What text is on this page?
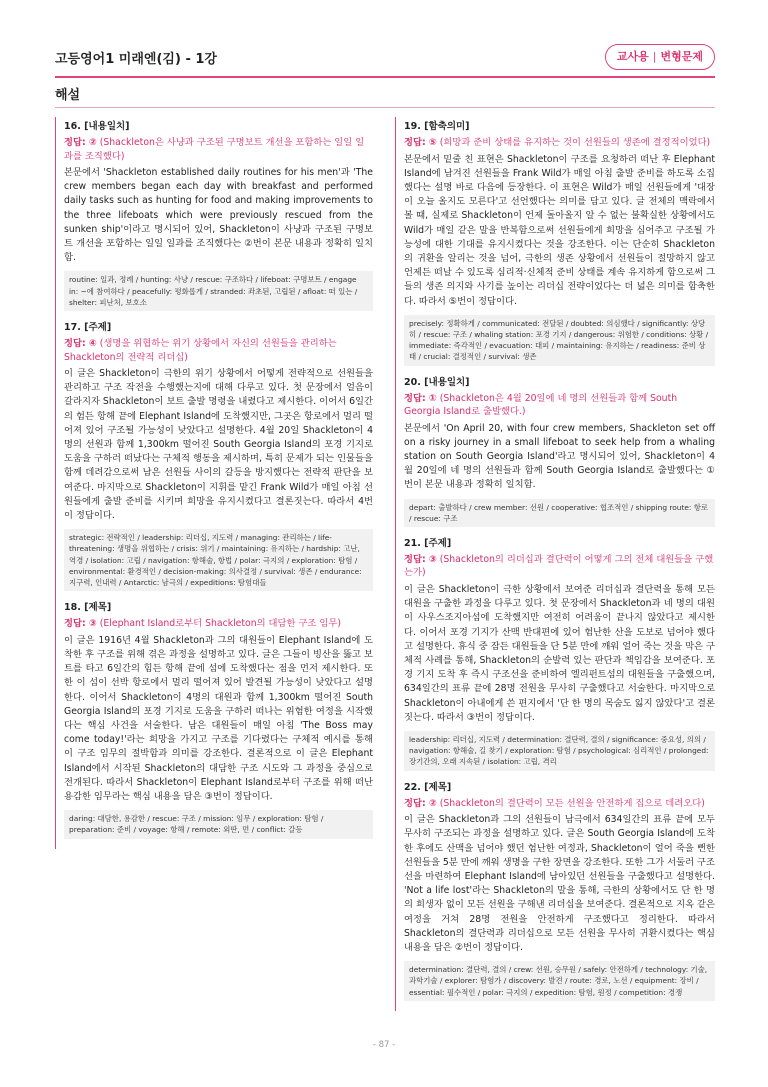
고등영어1 미래엔(김) - 1강	교사용 | 변형문제
해설
16. [내용일치]
정답: ② (Shackleton은 사냥과 구조된 구명보트 개선을 포함하는 일일 일과를 조직했다)
본문에서 'Shackleton established daily routines for his men'과 'The crew members began each day with breakfast and performed daily tasks such as hunting for food and making improvements to the three lifeboats which were previously rescued from the sunken ship'이라고 명시되어 있어, Shackleton이 사냥과 구조된 구명보트 개선을 포함하는 일일 일과를 조직했다는 ②번이 본문 내용과 정확히 일치함.
routine: 일과, 정례 / hunting: 사냥 / rescue: 구조하다 / lifeboat: 구명보트 / engage in: ~에 참여하다 / peacefully: 평화롭게 / stranded: 좌초된, 고립된 / afloat: 떠 있는 / shelter: 피난처, 보호소
17. [주제]
정답: ④ (생명을 위협하는 위기 상황에서 자신의 선원들을 관리하는 Shackleton의 전략적 리더십)
이 글은 Shackleton이 극한의 위기 상황에서 어떻게 전략적으로 선원들을 관리하고 구조 작전을 수행했는지에 대해 다루고 있다. 첫 문장에서 얼음이 갈라지자 Shackleton이 보트 출발 명령을 내렸다고 제시한다. 이어서 6일간의 험든 항해 끝에 Elephant Island에 도착했지만, 그곳은 항로에서 멀리 떨어져 있어 구조될 가능성이 낮았다고 설명한다. 4월 20일 Shackleton이 4명의 선원과 함께 1,300km 떨어진 South Georgia Island의 포경 기지로 도움을 구하러 떠났다는 구체적 행동을 제시하며, 특히 문제가 되는 인물들을 함께 데려감으로써 남은 선원들 사이의 갈등을 방지했다는 전략적 판단을 보여준다. 마지막으로 Shackleton이 지휘를 맡긴 Frank Wild가 매일 아침 선원들에게 출발 준비를 시키며 희망을 유지시켰다고 결론짓는다. 따라서 4번이 정답이다.
strategic: 전략적인 / leadership: 리더십, 지도력 / managing: 관리하는 / life-threatening: 생명을 위협하는 / crisis: 위기 / maintaining: 유지하는 / hardship: 고난, 역경 / isolation: 고립 / navigation: 항해술, 항법 / polar: 극지의 / exploration: 탐험 / environmental: 환경적인 / decision-making: 의사결정 / survival: 생존 / endurance: 지구력, 인내력 / Antarctic: 남극의 / expeditions: 탐험대들
18. [제목]
정답: ③ (Elephant Island로부터 Shackleton의 대담한 구조 임무)
이 글은 1916년 4월 Shackleton과 그의 대원들이 Elephant Island에 도착한 후 구조를 위해 겪은 과정을 설명하고 있다. 글은 그들이 빙산을 뚫고 보트를 타고 6일간의 힘든 항해 끝에 섬에 도착했다는 점을 먼저 제시한다. 또한 이 섬이 선박 항로에서 멀리 떨어져 있어 발견될 가능성이 낮았다고 설명한다. 이어서 Shackleton이 4명의 대원과 함께 1,300km 떨어진 South Georgia Island의 포경 기지로 도움을 구하러 떠나는 위험한 여정을 시작했다는 핵심 사건을 서술한다. 남은 대원들이 매일 아침 'The Boss may come today!'라는 희망을 가지고 구조를 기다렸다는 구체적 예시를 통해 이 구조 임무의 절박함과 의미를 강조한다. 결론적으로 이 글은 Elephant Island에서 시작된 Shackleton의 대담한 구조 시도와 그 과정을 중심으로 전개된다. 따라서 Shackleton이 Elephant Island로부터 구조를 위해 떠난 용감한 임무라는 핵심 내용을 담은 ③번이 정답이다.
daring: 대담한, 용감한 / rescue: 구조 / mission: 임무 / exploration: 탐험 / preparation: 준비 / voyage: 항해 / remote: 외딴, 먼 / conflict: 갈등
19. [함축의미]
정답: ⑤ (희망과 준비 상태를 유지하는 것이 선원들의 생존에 결정적이었다)
본문에서 밑줄 친 표현은 Shackleton이 구조를 요청하러 떠난 후 Elephant Island에 남겨진 선원들을 Frank Wild가 매일 아침 출발 준비를 하도록 소집했다는 설명 바로 다음에 등장한다. 이 표현은 Wild가 매일 선원들에게 '대장이 오늘 올지도 모른다'고 선언했다는 의미를 담고 있다. 글 전체의 맥락에서 볼 때, 실제로 Shackleton이 언제 돌아올지 알 수 없는 불확실한 상황에서도 Wild가 매일 같은 말을 반복함으로써 선원들에게 희망을 심어주고 구조될 가능성에 대한 기대를 유지시켰다는 것을 강조한다. 이는 단순히 Shackleton의 귀환을 알리는 것을 넘어, 극한의 생존 상황에서 선원들이 절망하지 않고 언제든 떠날 수 있도록 심리적·신체적 준비 상태를 계속 유지하게 함으로써 그들의 생존 의지와 사기를 높이는 리더십 전략이었다는 더 넓은 의미를 함축한다. 따라서 ⑤번이 정답이다.
precisely: 정확하게 / communicated: 전달된 / doubted: 의심했다 / significantly: 상당히 / rescue: 구조 / whaling station: 포경 기지 / dangerous: 위험한 / conditions: 상황 / immediate: 즉각적인 / evacuation: 대피 / maintaining: 유지하는 / readiness: 준비 상태 / crucial: 결정적인 / survival: 생존
20. [내용일치]
정답: ① (Shackleton은 4월 20일에 네 명의 선원들과 함께 South Georgia Island로 출발했다.)
본문에서 'On April 20, with four crew members, Shackleton set off on a risky journey in a small lifeboat to seek help from a whaling station on South Georgia Island'라고 명시되어 있어, Shackleton이 4월 20일에 네 명의 선원들과 함께 South Georgia Island로 출발했다는 ①번이 본문 내용과 정확히 일치함.
depart: 출발하다 / crew member: 선원 / cooperative: 협조적인 / shipping route: 항로 / rescue: 구조
21. [주제]
정답: ③ (Shackleton의 리더십과 결단력이 어떻게 그의 전체 대원들을 구했는가)
이 글은 Shackleton이 극한 상황에서 보여준 리더십과 결단력을 통해 모든 대원을 구출한 과정을 다루고 있다. 첫 문장에서 Shackleton과 네 명의 대원이 사우스조지아섬에 도착했지만 여전히 어려움이 끝나지 않았다고 제시한다. 이어서 포경 기지가 산맥 반대편에 있어 험난한 산을 도보로 넘어야 했다고 설명한다. 휴식 중 잠든 대원들을 단 5분 만에 깨워 얼어 죽는 것을 막은 구체적 사례를 통해, Shackleton의 순발력 있는 판단과 책임감을 보여준다. 포경 기지 도착 후 즉시 구조선을 준비하여 엘리펀트섬의 대원들을 구출했으며, 634일간의 표류 끝에 28명 전원을 무사히 구출했다고 서술한다. 마지막으로 Shackleton이 아내에게 쓴 편지에서 '단 한 명의 목숨도 잃지 않았다'고 결론짓는다. 따라서 ③번이 정답이다.
leadership: 리더십, 지도력 / determination: 결단력, 결의 / significance: 중요성, 의의 / navigation: 항해술, 길 찾기 / exploration: 탐험 / psychological: 심리적인 / prolonged: 장기간의, 오래 지속된 / isolation: 고립, 격리
22. [제목]
정답: ② (Shackleton의 결단력이 모든 선원을 안전하게 집으로 데려오다)
이 글은 Shackleton과 그의 선원들이 남극에서 634일간의 표류 끝에 모두 무사히 구조되는 과정을 설명하고 있다. 글은 South Georgia Island에 도착한 후에도 산맥을 넘어야 했던 험난한 여정과, Shackleton이 얼어 죽을 뻔한 선원들을 5분 만에 깨워 생명을 구한 장면을 강조한다. 또한 그가 서둘러 구조선을 마련하여 Elephant Island에 남아있던 선원들을 구출했다고 설명한다. 'Not a life lost'라는 Shackleton의 말을 통해, 극한의 상황에서도 단 한 명의 희생자 없이 모든 선원을 구해낸 리더십을 보여준다. 결론적으로 지옥 같은 여정을 거쳐 28명 전원을 안전하게 구조했다고 정리한다. 따라서 Shackleton의 결단력과 리더십으로 모든 선원을 무사히 귀환시켰다는 핵심 내용을 담은 ②번이 정답이다.
determination: 결단력, 결의 / crew: 선원, 승무원 / safely: 안전하게 / technology: 기술, 과학기술 / explorer: 탐험가 / discovery: 발견 / route: 경로, 노선 / equipment: 장비 / essential: 필수적인 / polar: 극지의 / expedition: 탐험, 원정 / competition: 경쟁
- 87 -
